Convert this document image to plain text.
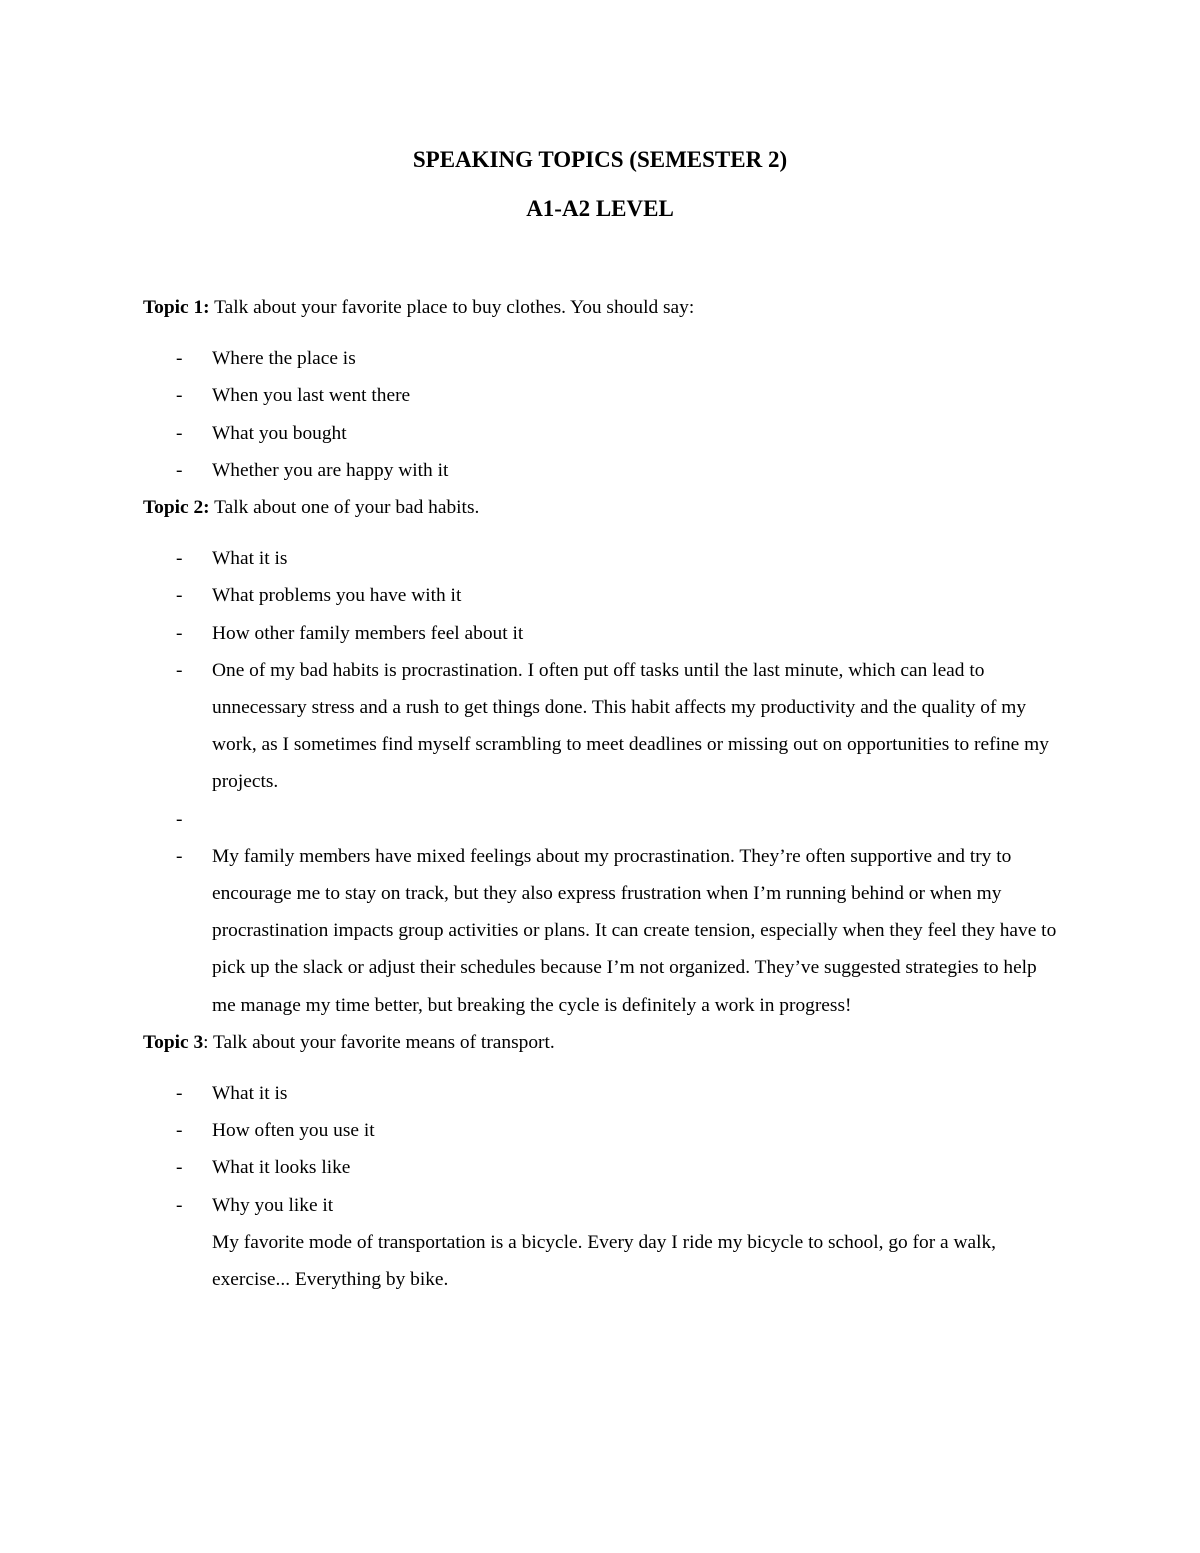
SPEAKING TOPICS (SEMESTER 2)
A1-A2 LEVEL

Topic 1: Talk about your favorite place to buy clothes. You should say:

- Where the place is
- When you last went there
- What you bought
- Whether you are happy with it

Topic 2: Talk about one of your bad habits.

- What it is
- What problems you have with it
- How other family members feel about it
- One of my bad habits is procrastination. I often put off tasks until the last minute, which can lead to unnecessary stress and a rush to get things done. This habit affects my productivity and the quality of my work, as I sometimes find myself scrambling to meet deadlines or missing out on opportunities to refine my projects.
-
- My family members have mixed feelings about my procrastination. They’re often supportive and try to encourage me to stay on track, but they also express frustration when I’m running behind or when my procrastination impacts group activities or plans. It can create tension, especially when they feel they have to pick up the slack or adjust their schedules because I’m not organized. They’ve suggested strategies to help me manage my time better, but breaking the cycle is definitely a work in progress!

Topic 3: Talk about your favorite means of transport.

- What it is
- How often you use it
- What it looks like
- Why you like it

My favorite mode of transportation is a bicycle. Every day I ride my bicycle to school, go for a walk, exercise... Everything by bike.
